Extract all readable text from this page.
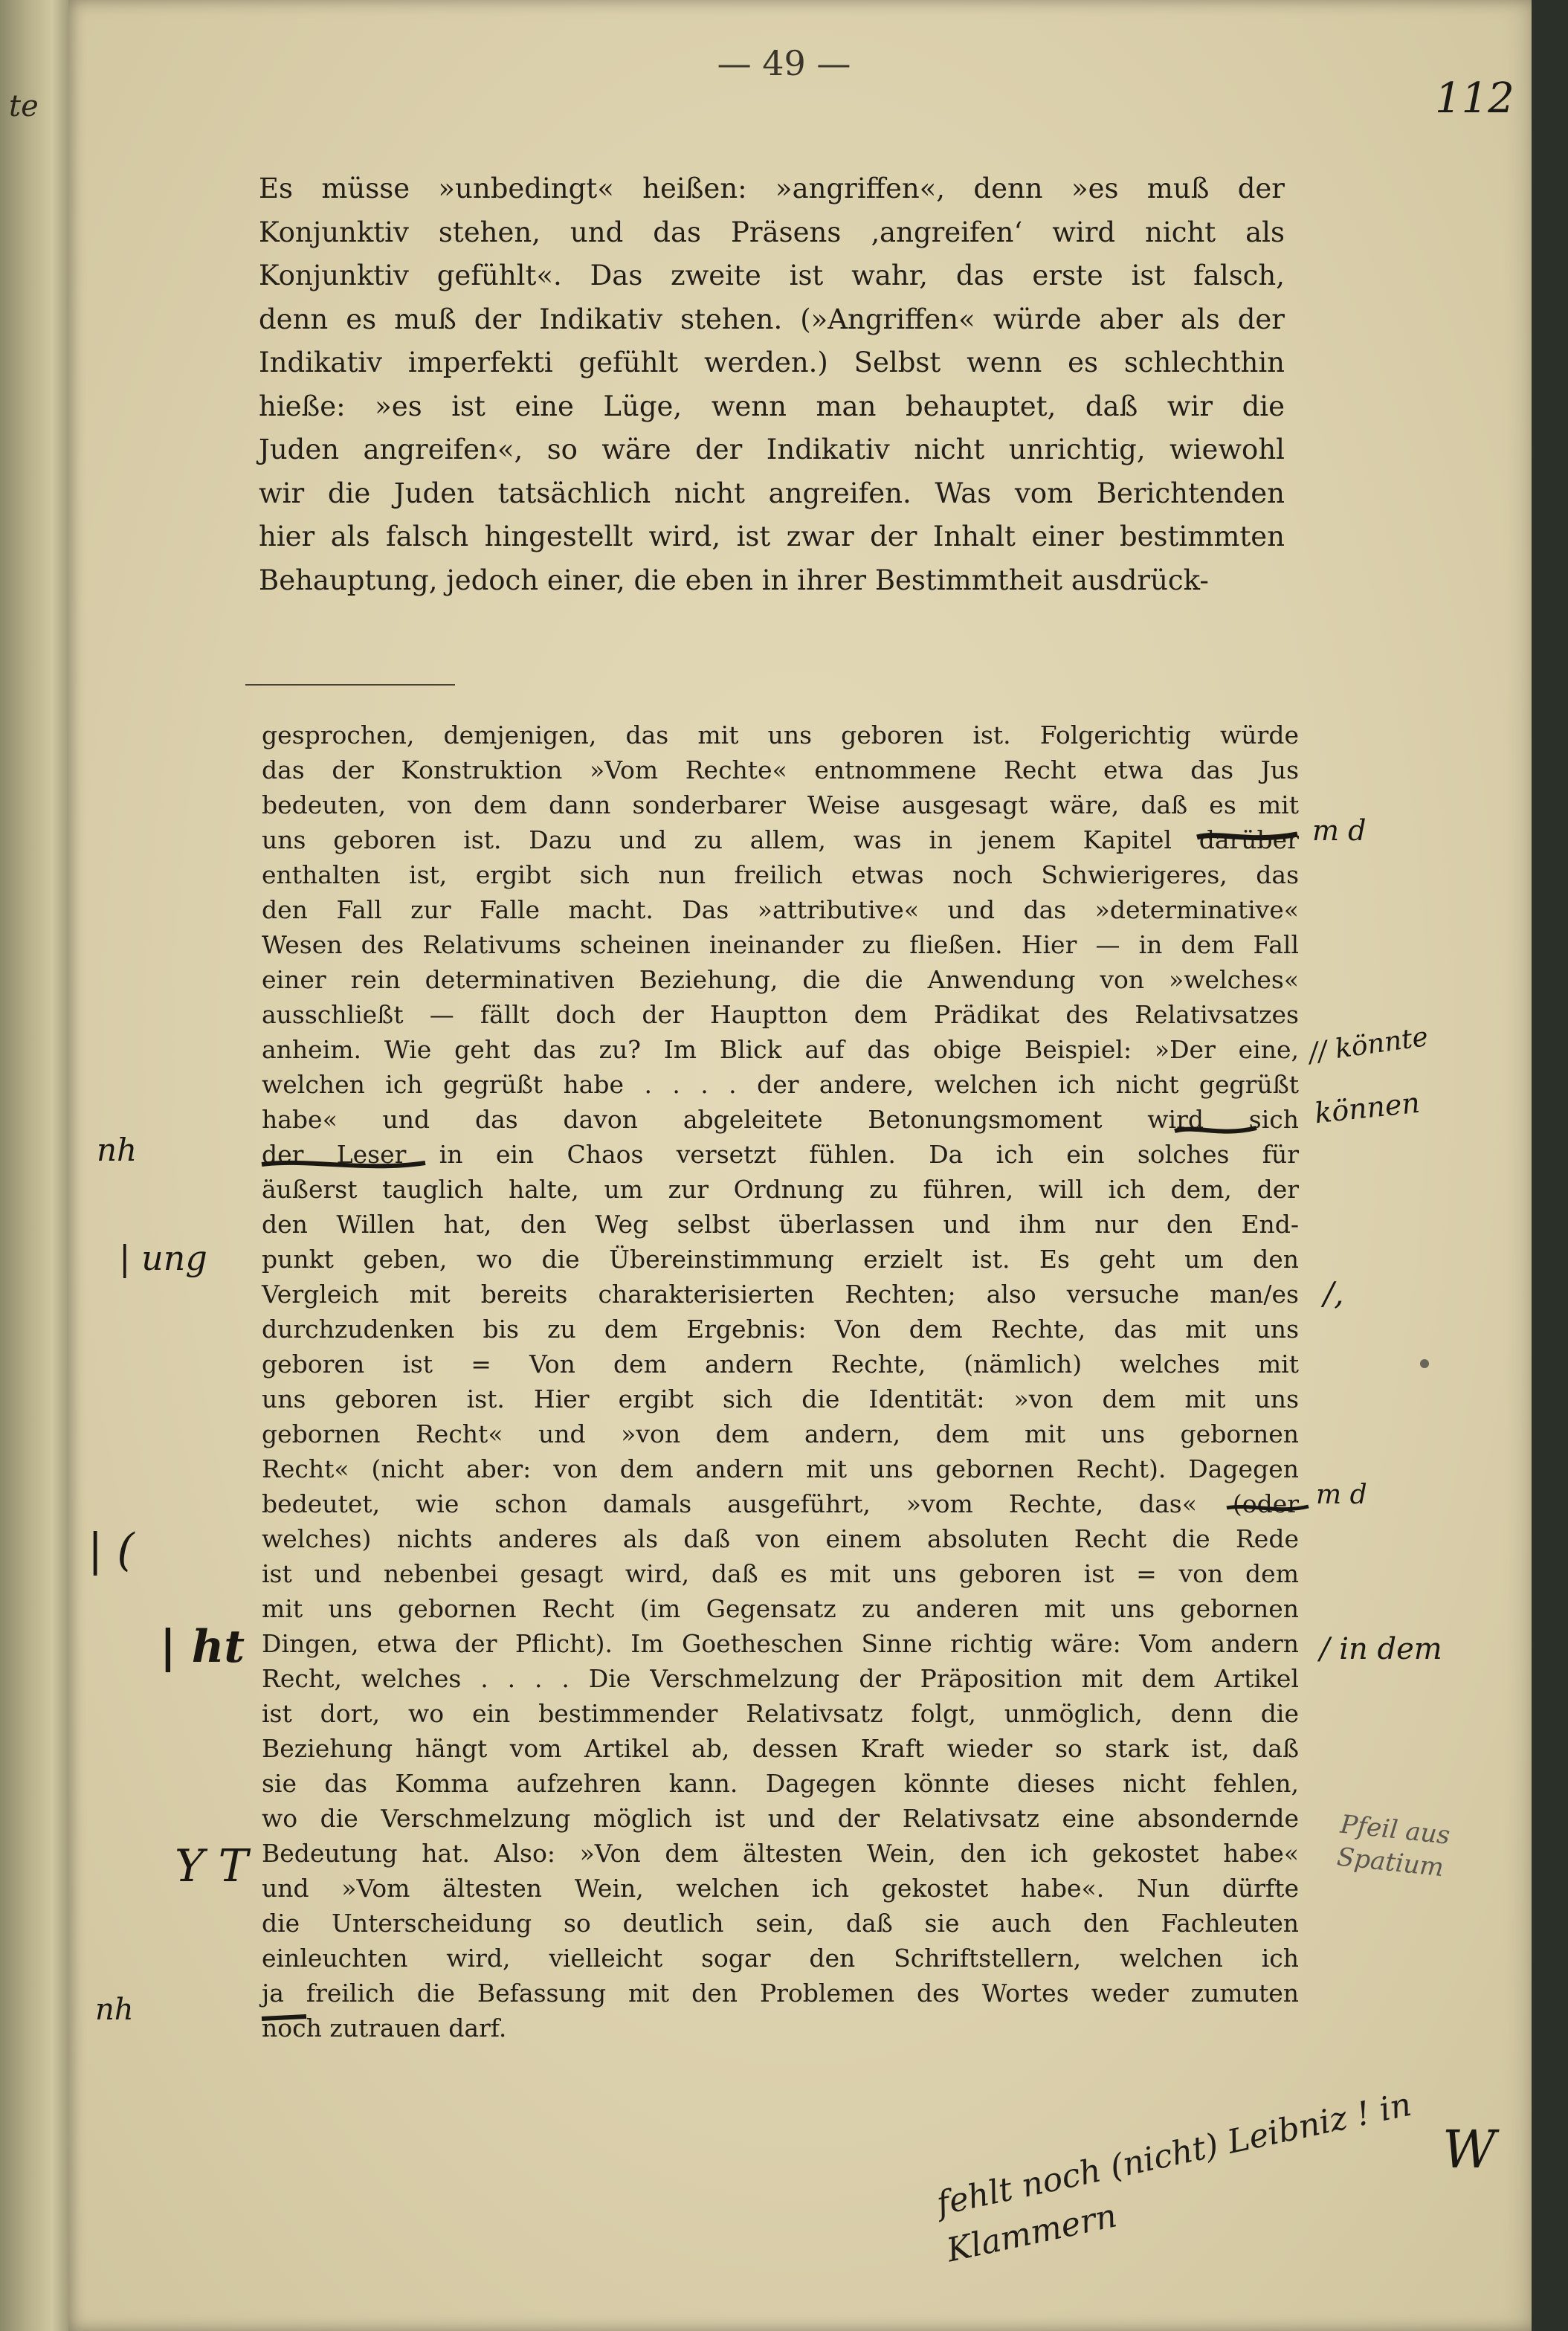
te
— 49 —
112
Es müsse »unbedingt« heißen: »angriffen«, denn »es muß der
Konjunktiv stehen, und das Präsens ‚angreifen‘ wird nicht als
Konjunktiv gefühlt«. Das zweite ist wahr, das erste ist falsch,
denn es muß der Indikativ stehen. (»Angriffen« würde aber als der
Indikativ imperfekti gefühlt werden.) Selbst wenn es schlechthin
hieße: »es ist eine Lüge, wenn man behauptet, daß wir die
Juden angreifen«, so wäre der Indikativ nicht unrichtig, wiewohl
wir die Juden tatsächlich nicht angreifen. Was vom Berichtenden
hier als falsch hingestellt wird, ist zwar der Inhalt einer bestimmten
Behauptung, jedoch einer, die eben in ihrer Bestimmtheit ausdrück-
gesprochen, demjenigen, das mit uns geboren ist. Folgerichtig würde
das der Konstruktion »Vom Rechte« entnommene Recht etwa das Jus
bedeuten, von dem dann sonderbarer Weise ausgesagt wäre, daß es mit
uns geboren ist. Dazu und zu allem, was in jenem Kapitel darüber
enthalten ist, ergibt sich nun freilich etwas noch Schwierigeres, das
den Fall zur Falle macht. Das »attributive« und das »determinative«
Wesen des Relativums scheinen ineinander zu fließen. Hier — in dem Fall
einer rein determinativen Beziehung, die die Anwendung von »welches«
ausschließt — fällt doch der Hauptton dem Prädikat des Relativsatzes
anheim. Wie geht das zu? Im Blick auf das obige Beispiel: »Der eine,
welchen ich gegrüßt habe . . . . der andere, welchen ich nicht gegrüßt
habe« und das davon abgeleitete Betonungsmoment wird sich
der Leser in ein Chaos versetzt fühlen. Da ich ein solches für
äußerst tauglich halte, um zur Ordnung zu führen, will ich dem, der
den Willen hat, den Weg selbst überlassen und ihm nur den End-
punkt geben, wo die Übereinstimmung erzielt ist. Es geht um den
Vergleich mit bereits charakterisierten Rechten; also versuche man/es
durchzudenken bis zu dem Ergebnis: Von dem Rechte, das mit uns
geboren ist = Von dem andern Rechte, (nämlich) welches mit
uns geboren ist. Hier ergibt sich die Identität: »von dem mit uns
gebornen Recht« und »von dem andern, dem mit uns gebornen
Recht« (nicht aber: von dem andern mit uns gebornen Recht). Dagegen
bedeutet, wie schon damals ausgeführt, »vom Rechte, das« (oder
welches) nichts anderes als daß von einem absoluten Recht die Rede
ist und nebenbei gesagt wird, daß es mit uns geboren ist = von dem
mit uns gebornen Recht (im Gegensatz zu anderen mit uns gebornen
Dingen, etwa der Pflicht). Im Goetheschen Sinne richtig wäre: Vom andern
Recht, welches . . . . Die Verschmelzung der Präposition mit dem Artikel
ist dort, wo ein bestimmender Relativsatz folgt, unmöglich, denn die
Beziehung hängt vom Artikel ab, dessen Kraft wieder so stark ist, daß
sie das Komma aufzehren kann. Dagegen könnte dieses nicht fehlen,
wo die Verschmelzung möglich ist und der Relativsatz eine absondernde
Bedeutung hat. Also: »Von dem ältesten Wein, den ich gekostet habe«
und »Vom ältesten Wein, welchen ich gekostet habe«. Nun dürfte
die Unterscheidung so deutlich sein, daß sie auch den Fachleuten
einleuchten wird, vielleicht sogar den Schriftstellern, welchen ich
ja freilich die Befassung mit den Problemen des Wortes weder zumuten
noch zutrauen darf.
m d
// könnte
können
/,
m d
/ in dem
Pfeil aus Spatium
nh
| ung
| (
| ht
Y T
nh
fehlt noch (nicht) Leibniz ! in Klammern
W
